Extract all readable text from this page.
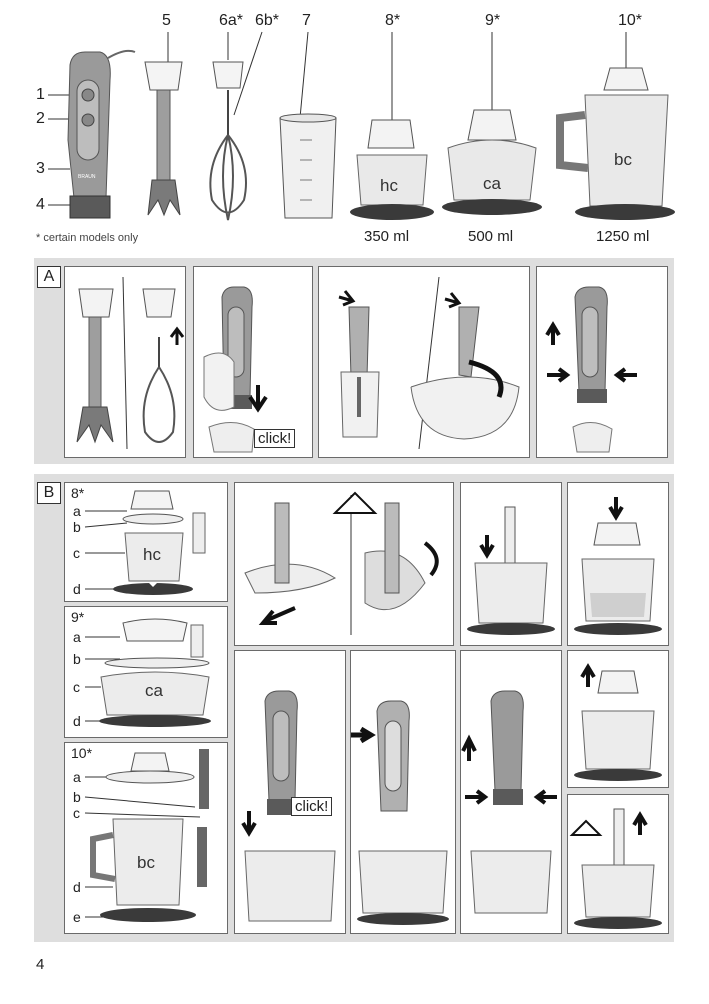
5	6a* 6b* 7	8*	9*	10*
1
2
3
4
BRAUN	hc	ca
bc
350 ml	500 ml	1250 ml
* certain models only
A
click!
B	8*
a
b
c
d
hc
9*
a
b
c
d
ca
10*
a
b
c
d
e
bc
click!
4
